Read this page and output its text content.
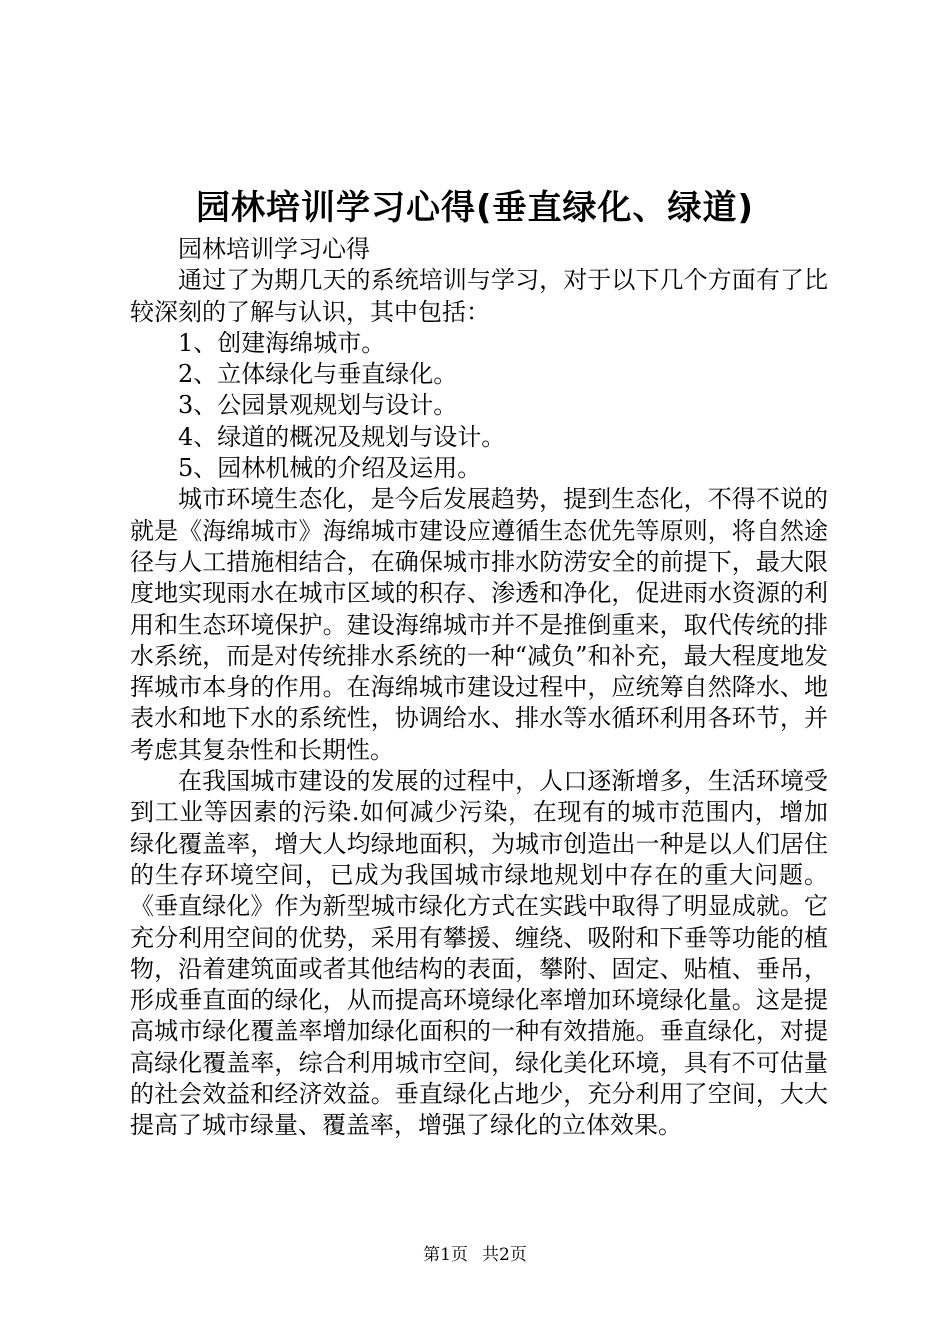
园林培训学习心得(垂直绿化、绿道)

园林培训学习心得

通过了为期几天的系统培训与学习，对于以下几个方面有了比较深刻的了解与认识，其中包括：

1、创建海绵城市。

2、立体绿化与垂直绿化。

3、公园景观规划与设计。

4、绿道的概况及规划与设计。

5、园林机械的介绍及运用。

城市环境生态化，是今后发展趋势，提到生态化，不得不说的就是《海绵城市》海绵城市建设应遵循生态优先等原则，将自然途径与人工措施相结合，在确保城市排水防涝安全的前提下，最大限度地实现雨水在城市区域的积存、渗透和净化，促进雨水资源的利用和生态环境保护。建设海绵城市并不是推倒重来，取代传统的排水系统，而是对传统排水系统的一种“减负”和补充，最大程度地发挥城市本身的作用。在海绵城市建设过程中，应统筹自然降水、地表水和地下水的系统性，协调给水、排水等水循环利用各环节，并考虑其复杂性和长期性。

在我国城市建设的发展的过程中，人口逐渐增多，生活环境受到工业等因素的污染.如何减少污染，在现有的城市范围内，增加绿化覆盖率，增大人均绿地面积，为城市创造出一种是以人们居住的生存环境空间，已成为我国城市绿地规划中存在的重大问题。《垂直绿化》作为新型城市绿化方式在实践中取得了明显成就。它充分利用空间的优势，采用有攀援、缠绕、吸附和下垂等功能的植物，沿着建筑面或者其他结构的表面，攀附、固定、贴植、垂吊，形成垂直面的绿化，从而提高环境绿化率增加环境绿化量。这是提高城市绿化覆盖率增加绿化面积的一种有效措施。垂直绿化，对提高绿化覆盖率，综合利用城市空间，绿化美化环境，具有不可估量的社会效益和经济效益。垂直绿化占地少，充分利用了空间，大大提高了城市绿量、覆盖率，增强了绿化的立体效果。

第1页 共2页
